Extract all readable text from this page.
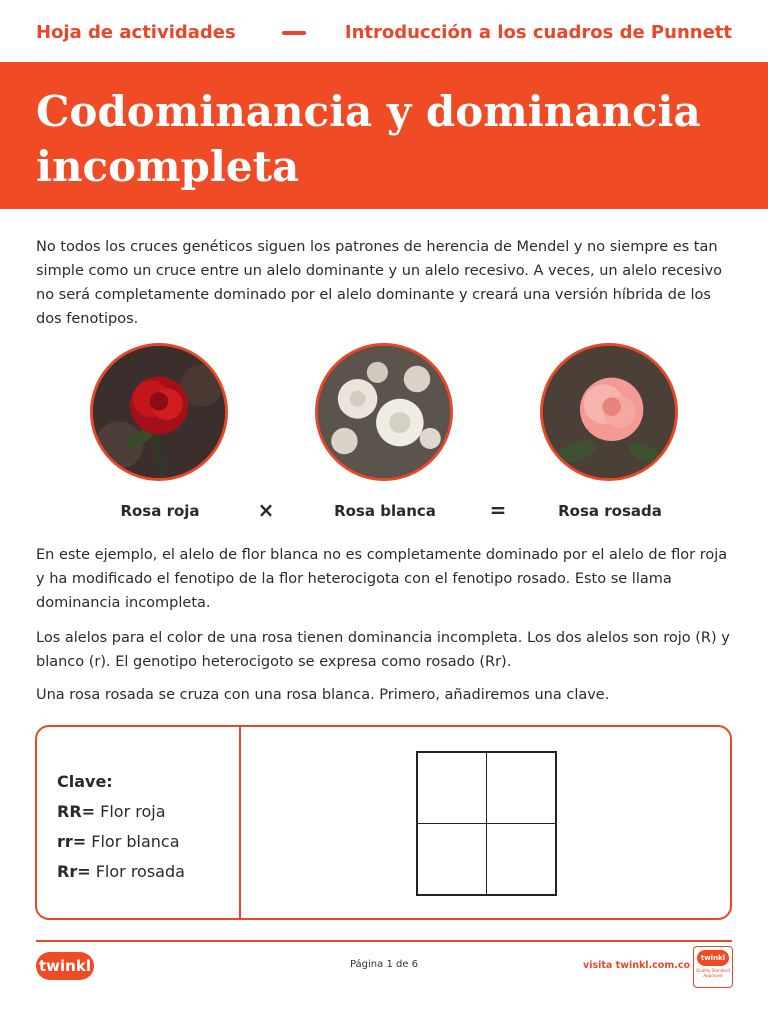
Hoja de actividades	Introducción a los cuadros de Punnett
Codominancia y dominancia incompleta

No todos los cruces genéticos siguen los patrones de herencia de Mendel y no siempre es tan simple como un cruce entre un alelo dominante y un alelo recesivo. A veces, un alelo recesivo no será completamente dominado por el alelo dominante y creará una versión híbrida de los dos fenotipos.

Rosa roja	×	Rosa blanca	=	Rosa rosada

En este ejemplo, el alelo de flor blanca no es completamente dominado por el alelo de flor roja y ha modificado el fenotipo de la flor heterocigota con el fenotipo rosado. Esto se llama dominancia incompleta.

Los alelos para el color de una rosa tienen dominancia incompleta. Los dos alelos son rojo (R) y blanco (r). El genotipo heterocigoto se expresa como rosado (Rr).

Una rosa rosada se cruza con una rosa blanca. Primero, añadiremos una clave.

Clave:
RR= Flor roja
rr= Flor blanca
Rr= Flor rosada
twinkl	Página 1 de 6	visita twinkl.com.co
twinkl
Quality Standard Approved
